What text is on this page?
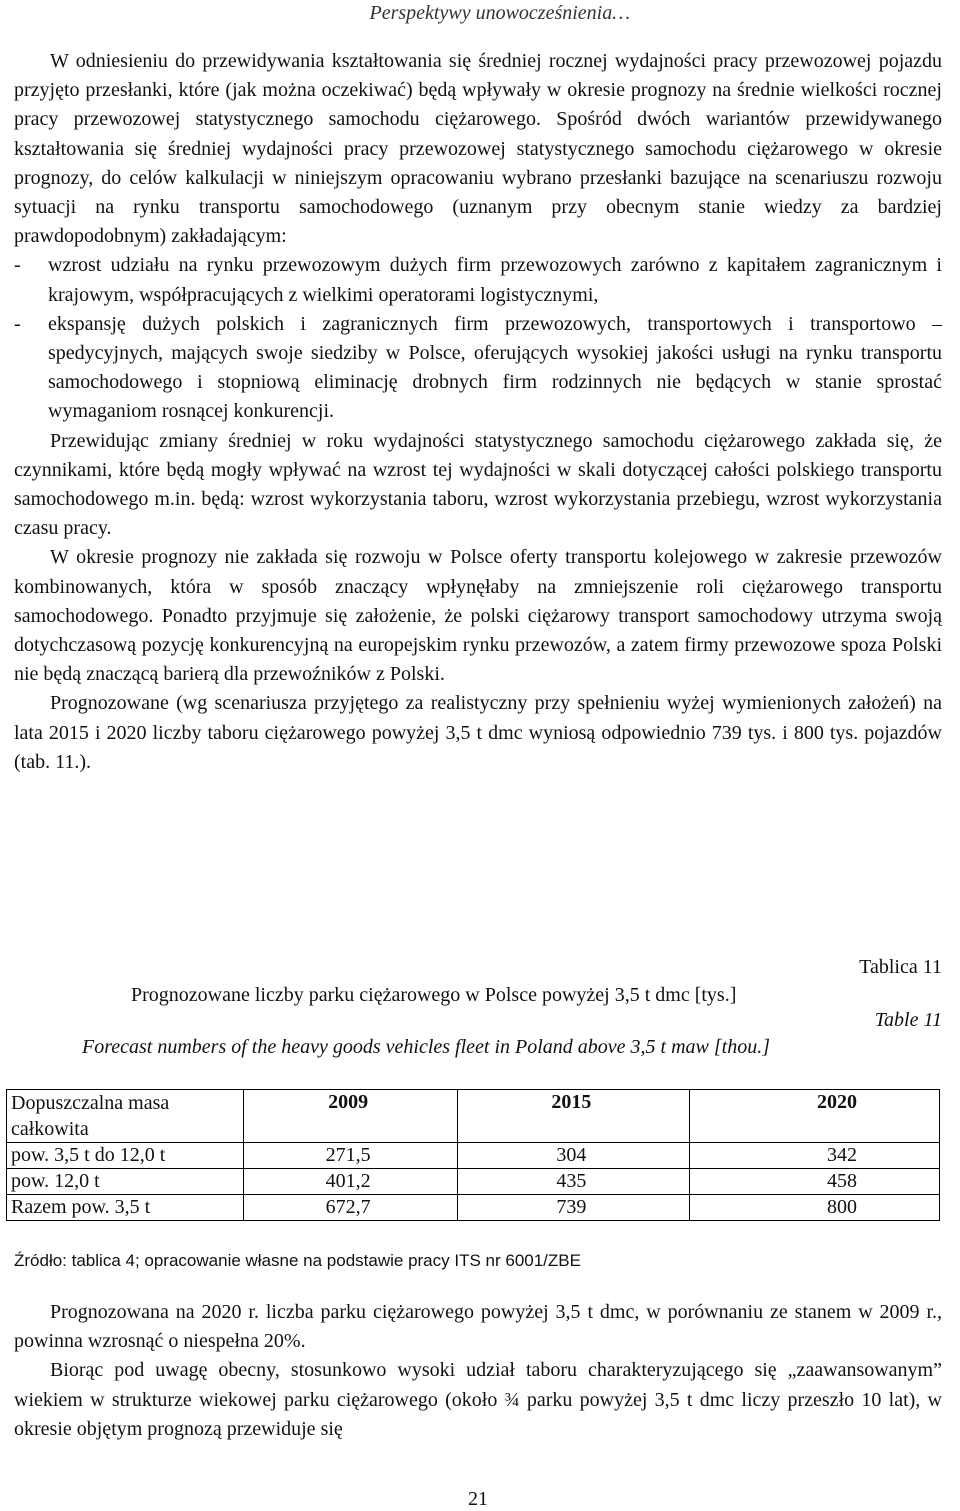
Perspektywy unowocześnienia…

W odniesieniu do przewidywania kształtowania się średniej rocznej wydajności pracy przewozowej pojazdu przyjęto przesłanki, które (jak można oczekiwać) będą wpływały w okresie prognozy na średnie wielkości rocznej pracy przewozowej statystycznego samochodu ciężarowego. Spośród dwóch wariantów przewidywanego kształtowania się średniej wydajności pracy przewozowej statystycznego samochodu ciężarowego w okresie prognozy, do celów kalkulacji w niniejszym opracowaniu wybrano przesłanki bazujące na scenariuszu rozwoju sytuacji na rynku transportu samochodowego (uznanym przy obecnym stanie wiedzy za bardziej prawdopodobnym) zakładającym:

-	wzrost udziału na rynku przewozowym dużych firm przewozowych zarówno z kapitałem zagranicznym i krajowym, współpracujących z wielkimi operatorami logistycznymi,
-	ekspansję dużych polskich i zagranicznych firm przewozowych, transportowych i transportowo – spedycyjnych, mających swoje siedziby w Polsce, oferujących wysokiej jakości usługi na rynku transportu samochodowego i stopniową eliminację drobnych firm rodzinnych nie będących w stanie sprostać wymaganiom rosnącej konkurencji.

Przewidując zmiany średniej w roku wydajności statystycznego samochodu ciężarowego zakłada się, że czynnikami, które będą mogły wpływać na wzrost tej wydajności w skali dotyczącej całości polskiego transportu samochodowego m.in. będą: wzrost wykorzystania taboru, wzrost wykorzystania przebiegu, wzrost wykorzystania czasu pracy.

W okresie prognozy nie zakłada się rozwoju w Polsce oferty transportu kolejowego w zakresie przewozów kombinowanych, która w sposób znaczący wpłynęłaby na zmniejszenie roli ciężarowego transportu samochodowego. Ponadto przyjmuje się założenie, że polski ciężarowy transport samochodowy utrzyma swoją dotychczasową pozycję konkurencyjną na europejskim rynku przewozów, a zatem firmy przewozowe spoza Polski nie będą znaczącą barierą dla przewoźników z Polski.

Prognozowane (wg scenariusza przyjętego za realistyczny przy spełnieniu wyżej wymienionych założeń) na lata 2015 i 2020 liczby taboru ciężarowego powyżej 3,5 t dmc wyniosą odpowiednio 739 tys. i 800 tys. pojazdów (tab. 11.).

Tablica 11
Prognozowane liczby parku ciężarowego w Polsce powyżej 3,5 t dmc [tys.]
Table 11
Forecast numbers of the heavy goods vehicles fleet in Poland above 3,5 t maw [thou.]
Dopuszczalna masa całkowita	2009	2015	2020
pow. 3,5 t do 12,0 t	271,5	304	342
pow. 12,0 t	401,2	435	458
Razem pow. 3,5 t	672,7	739	800
Źródło: tablica 4; opracowanie własne na podstawie pracy ITS nr 6001/ZBE

Prognozowana na 2020 r. liczba parku ciężarowego powyżej 3,5 t dmc, w porównaniu ze stanem w 2009 r., powinna wzrosnąć o niespełna 20%.

Biorąc pod uwagę obecny, stosunkowo wysoki udział taboru charakteryzującego się „zaawansowanym” wiekiem w strukturze wiekowej parku ciężarowego (około ¾ parku powyżej 3,5 t dmc liczy przeszło 10 lat), w okresie objętym prognozą przewiduje się

21
